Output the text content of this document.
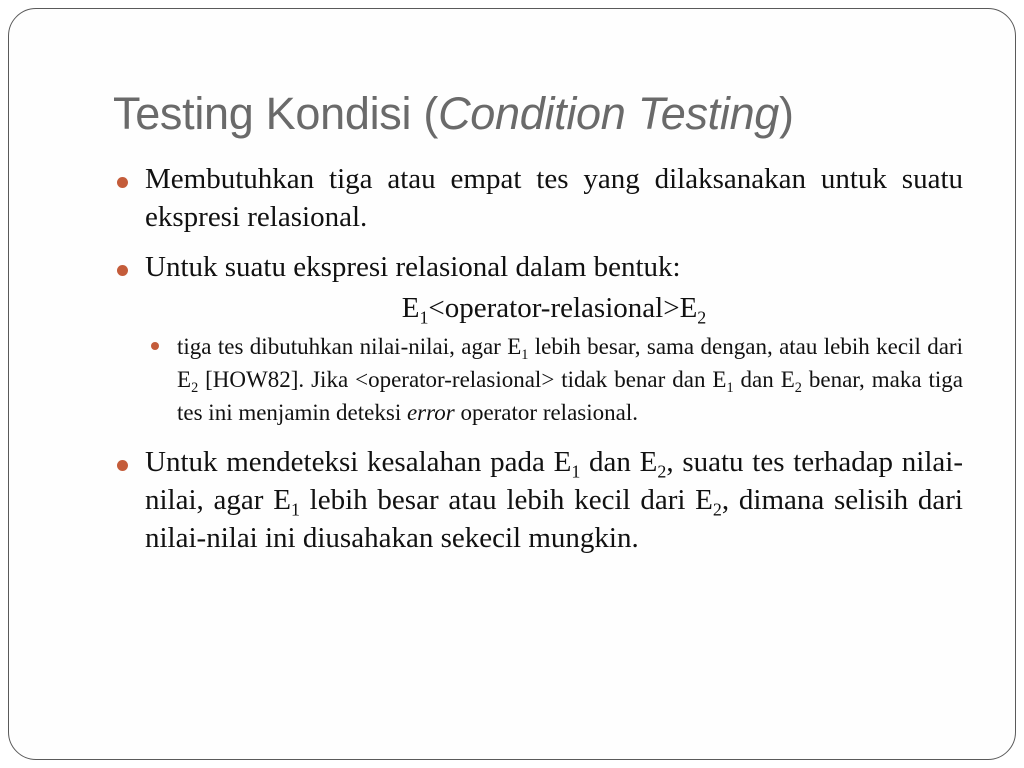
Testing Kondisi (Condition Testing)
Membutuhkan tiga atau empat tes yang dilaksanakan untuk suatu ekspresi relasional.
Untuk suatu ekspresi relasional dalam bentuk:
$E_1<operator-relasional>E_2$
tiga tes dibutuhkan nilai-nilai, agar $E_1$ lebih besar, sama dengan, atau lebih kecil dari $E_2$ [HOW82]. Jika <operator-relasional> tidak benar dan $E_1$ dan $E_2$ benar, maka tiga tes ini menjamin deteksi error operator relasional.
Untuk mendeteksi kesalahan pada $E_1$ dan $E_2$, suatu tes terhadap nilai-nilai, agar $E_1$ lebih besar atau lebih kecil dari $E_2$, dimana selisih dari nilai-nilai ini diusahakan sekecil mungkin.
